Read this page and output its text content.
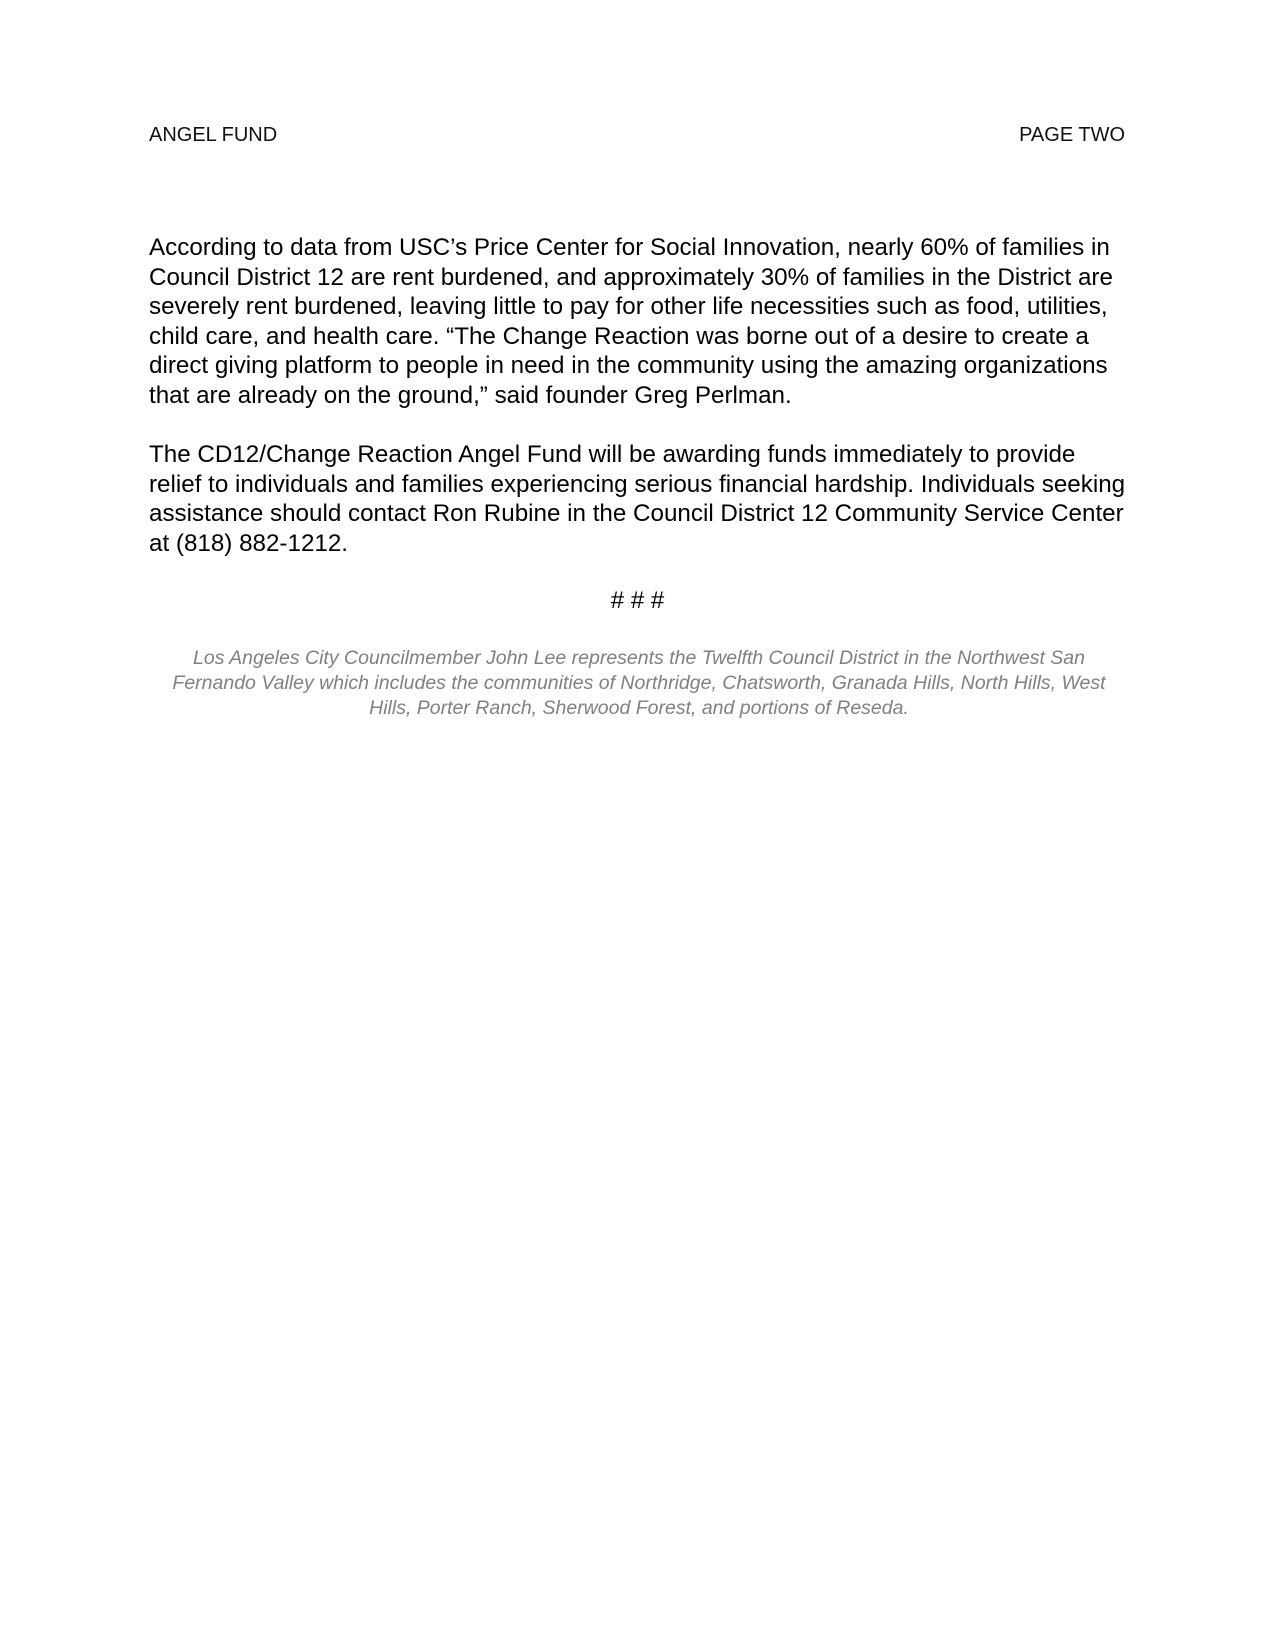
ANGEL FUND	PAGE TWO

According to data from USC’s Price Center for Social Innovation, nearly 60% of families in Council District 12 are rent burdened, and approximately 30% of families in the District are severely rent burdened, leaving little to pay for other life necessities such as food, utilities, child care, and health care. “The Change Reaction was borne out of a desire to create a direct giving platform to people in need in the community using the amazing organizations that are already on the ground,” said founder Greg Perlman.

The CD12/Change Reaction Angel Fund will be awarding funds immediately to provide relief to individuals and families experiencing serious financial hardship. Individuals seeking assistance should contact Ron Rubine in the Council District 12 Community Service Center at (818) 882-1212.

# # #
Los Angeles City Councilmember John Lee represents the Twelfth Council District in the Northwest San Fernando Valley which includes the communities of Northridge, Chatsworth, Granada Hills, North Hills, West Hills, Porter Ranch, Sherwood Forest, and portions of Reseda.
